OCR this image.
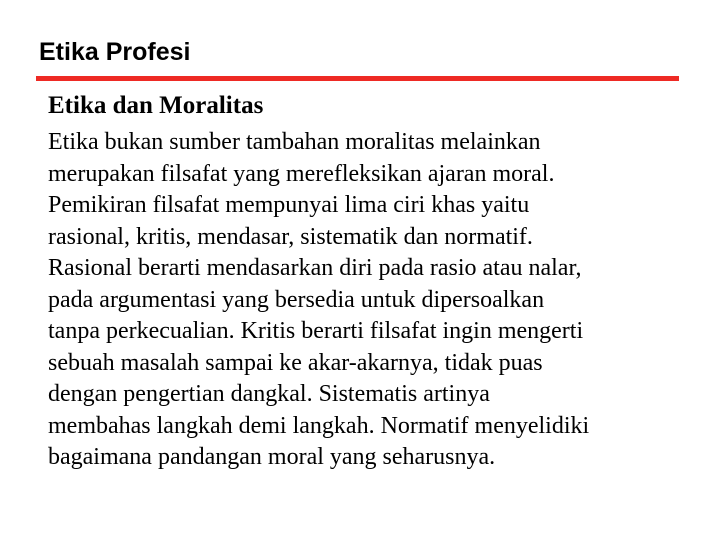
Etika Profesi
Etika dan Moralitas
Etika bukan sumber tambahan moralitas melainkan
merupakan filsafat yang merefleksikan ajaran moral.
Pemikiran filsafat mempunyai lima ciri khas yaitu
rasional, kritis, mendasar, sistematik dan normatif.
Rasional berarti mendasarkan diri pada rasio atau nalar,
pada argumentasi yang bersedia untuk dipersoalkan
tanpa perkecualian. Kritis berarti filsafat ingin mengerti
sebuah masalah sampai ke akar-akarnya, tidak puas
dengan pengertian dangkal. Sistematis artinya
membahas langkah demi langkah. Normatif menyelidiki
bagaimana pandangan moral yang seharusnya.
